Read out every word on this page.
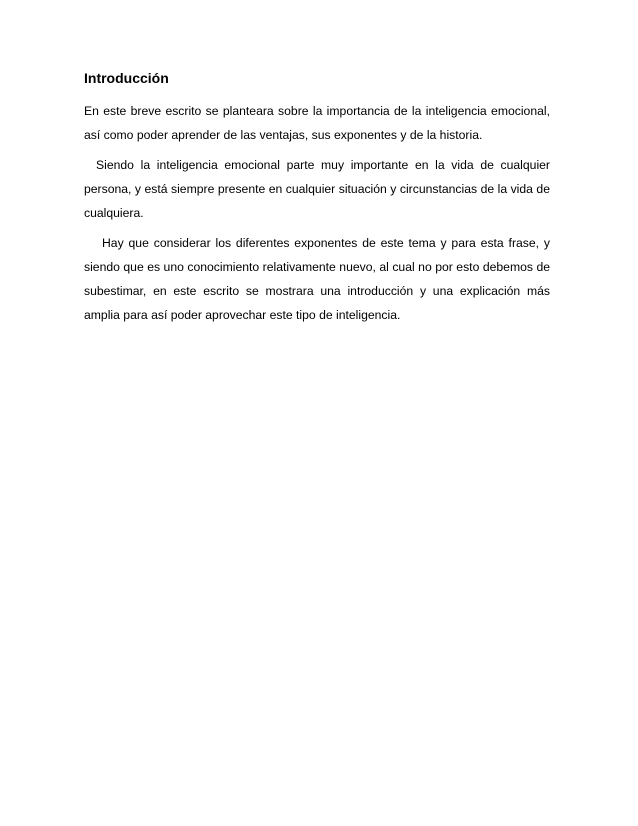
Introducción

En este breve escrito se planteara sobre la importancia de la inteligencia emocional, así como poder aprender de las ventajas, sus exponentes y de la historia.

Siendo la inteligencia emocional parte muy importante en la vida de cualquier persona, y está siempre presente en cualquier situación y circunstancias de la vida de cualquiera.

Hay que considerar los diferentes exponentes de este tema y para esta frase, y siendo que es uno conocimiento relativamente nuevo, al cual no por esto debemos de subestimar, en este escrito se mostrara una introducción y una explicación más amplia para así poder aprovechar este tipo de inteligencia.
